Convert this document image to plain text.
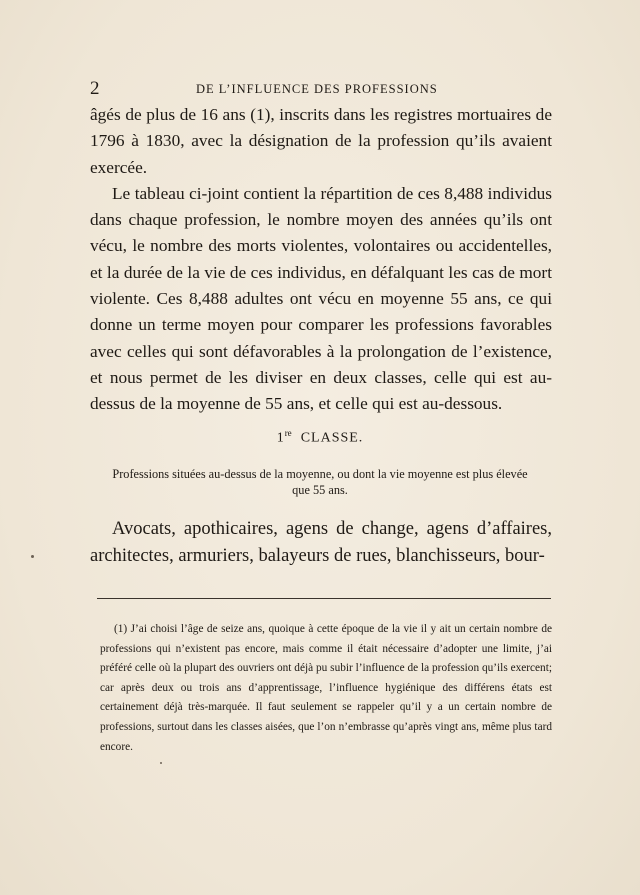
2	DE L’INFLUENCE DES PROFESSIONS

âgés de plus de 16 ans (1), inscrits dans les registres mortuaires de 1796 à 1830, avec la désignation de la profession qu’ils avaient exercée.

Le tableau ci-joint contient la répartition de ces 8,488 individus dans chaque profession, le nombre moyen des années qu’ils ont vécu, le nombre des morts violentes, volontaires ou accidentelles, et la durée de la vie de ces individus, en défalquant les cas de mort violente. Ces 8,488 adultes ont vécu en moyenne 55 ans, ce qui donne un terme moyen pour comparer les professions favorables avec celles qui sont défavorables à la prolongation de l’existence, et nous permet de les diviser en deux classes, celle qui est au-dessus de la moyenne de 55 ans, et celle qui est au-dessous.

1re CLASSE.

Professions situées au-dessus de la moyenne, ou dont la vie moyenne est plus élevée que 55 ans.

Avocats, apothicaires, agens de change, agens d’affaires, architectes, armuriers, balayeurs de rues, blanchisseurs, bour-

(1) J’ai choisi l’âge de seize ans, quoique à cette époque de la vie il y ait un certain nombre de professions qui n’existent pas encore, mais comme il était nécessaire d’adopter une limite, j’ai préféré celle où la plupart des ouvriers ont déjà pu subir l’influence de la profession qu’ils exercent; car après deux ou trois ans d’apprentissage, l’influence hygiénique des différens états est certainement déjà très-marquée. Il faut seulement se rappeler qu’il y a un certain nombre de professions, surtout dans les classes aisées, que l’on n’embrasse qu’après vingt ans, même plus tard encore.
